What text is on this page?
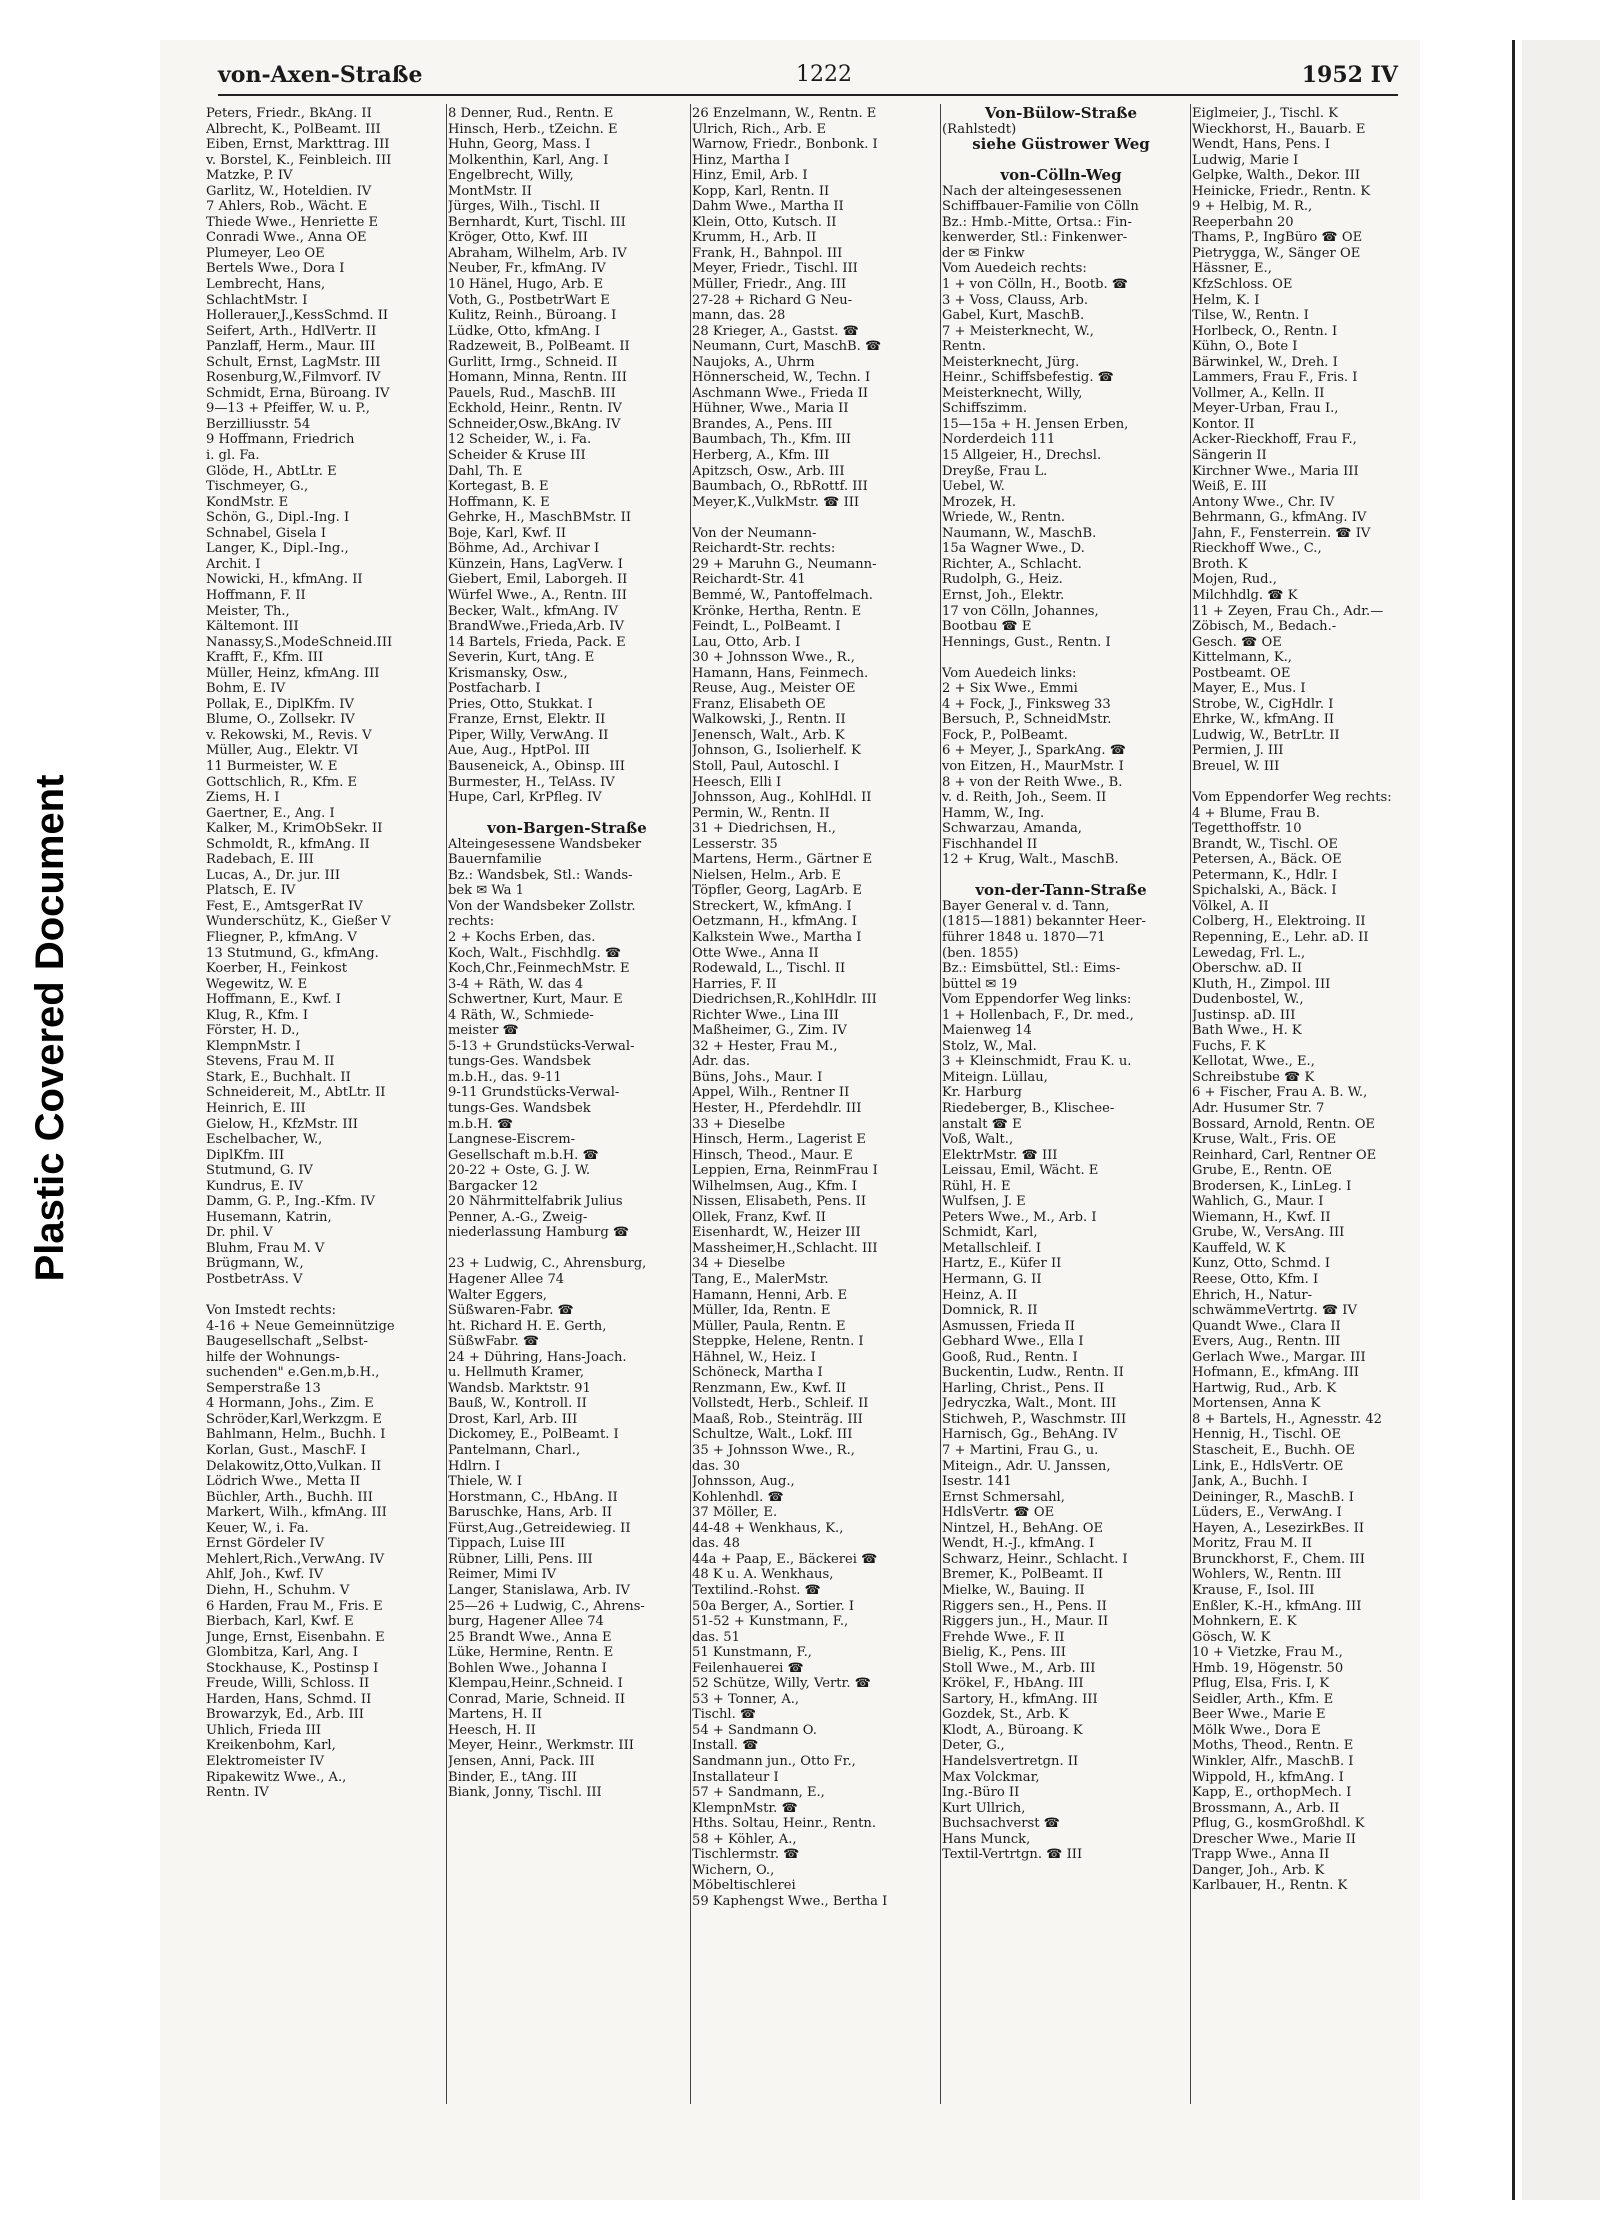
Plastic Covered Document
von-Axen-Straße	1222	1952 IV
Peters, Friedr., BkAng. II
Albrecht, K., PolBeamt. III
Eiben, Ernst, Markttrag. III
v. Borstel, K., Feinbleich. III
Matzke, P. IV
Garlitz, W., Hoteldien. IV
7 Ahlers, Rob., Wächt. E
Thiede Wwe., Henriette E
Conradi Wwe., Anna OE
Plumeyer, Leo OE
Bertels Wwe., Dora I
Lembrecht, Hans,
SchlachtMstr. I
Hollerauer,J.,KessSchmd. II
Seifert, Arth., HdlVertr. II
Panzlaff, Herm., Maur. III
Schult, Ernst, LagMstr. III
Rosenburg,W.,Filmvorf. IV
Schmidt, Erna, Büroang. IV
9—13 + Pfeiffer, W. u. P.,
Berzilliusstr. 54
9 Hoffmann, Friedrich
i. gl. Fa.
Glöde, H., AbtLtr. E
Tischmeyer, G.,
KondMstr. E
Schön, G., Dipl.-Ing. I
Schnabel, Gisela I
Langer, K., Dipl.-Ing.,
Archit. I
Nowicki, H., kfmAng. II
Hoffmann, F. II
Meister, Th.,
Kältemont. III
Nanassy,S.,ModeSchneid.III
Krafft, F., Kfm. III
Müller, Heinz, kfmAng. III
Bohm, E. IV
Pollak, E., DiplKfm. IV
Blume, O., Zollsekr. IV
v. Rekowski, M., Revis. V
Müller, Aug., Elektr. VI
11 Burmeister, W. E
Gottschlich, R., Kfm. E
Ziems, H. I
Gaertner, E., Ang. I
Kalker, M., KrimObSekr. II
Schmoldt, R., kfmAng. II
Radebach, E. III
Lucas, A., Dr. jur. III
Platsch, E. IV
Fest, E., AmtsgerRat IV
Wunderschütz, K., Gießer V
Fliegner, P., kfmAng. V
13 Stutmund, G., kfmAng.
Koerber, H., Feinkost
Wegewitz, W. E
Hoffmann, E., Kwf. I
Klug, R., Kfm. I
Förster, H. D.,
KlempnMstr. I
Stevens, Frau M. II
Stark, E., Buchhalt. II
Schneidereit, M., AbtLtr. II
Heinrich, E. III
Gielow, H., KfzMstr. III
Eschelbacher, W.,
DiplKfm. III
Stutmund, G. IV
Kundrus, E. IV
Damm, G. P., Ing.-Kfm. IV
Husemann, Katrin,
Dr. phil. V
Bluhm, Frau M. V
Brügmann, W.,
PostbetrAss. V
Von Imstedt rechts:
4-16 + Neue Gemeinnützige
Baugesellschaft „Selbst-
hilfe der Wohnungs-
suchenden" e.Gen.m,b.H.,
Semperstraße 13
4 Hormann, Johs., Zim. E
Schröder,Karl,Werkzgm. E
Bahlmann, Helm., Buchh. I
Korlan, Gust., MaschF. I
Delakowitz,Otto,Vulkan. II
Lödrich Wwe., Metta II
Büchler, Arth., Buchh. III
Markert, Wilh., kfmAng. III
Keuer, W., i. Fa.
Ernst Gördeler IV
Mehlert,Rich.,VerwAng. IV
Ahlf, Joh., Kwf. IV
Diehn, H., Schuhm. V
6 Harden, Frau M., Fris. E
Bierbach, Karl, Kwf. E
Junge, Ernst, Eisenbahn. E
Glombitza, Karl, Ang. I
Stockhause, K., Postinsp I
Freude, Willi, Schloss. II
Harden, Hans, Schmd. II
Browarzyk, Ed., Arb. III
Uhlich, Frieda III
Kreikenbohm, Karl,
Elektromeister IV
Ripakewitz Wwe., A.,
Rentn. IV
8 Denner, Rud., Rentn. E
Hinsch, Herb., tZeichn. E
Huhn, Georg, Mass. I
Molkenthin, Karl, Ang. I
Engelbrecht, Willy,
MontMstr. II
Jürges, Wilh., Tischl. II
Bernhardt, Kurt, Tischl. III
Kröger, Otto, Kwf. III
Abraham, Wilhelm, Arb. IV
Neuber, Fr., kfmAng. IV
10 Hänel, Hugo, Arb. E
Voth, G., PostbetrWart E
Kulitz, Reinh., Büroang. I
Lüdke, Otto, kfmAng. I
Radzeweit, B., PolBeamt. II
Gurlitt, Irmg., Schneid. II
Homann, Minna, Rentn. III
Pauels, Rud., MaschB. III
Eckhold, Heinr., Rentn. IV
Schneider,Osw.,BkAng. IV
12 Scheider, W., i. Fa.
Scheider & Kruse III
Dahl, Th. E
Kortegast, B. E
Hoffmann, K. E
Gehrke, H., MaschBMstr. II
Boje, Karl, Kwf. II
Böhme, Ad., Archivar I
Künzein, Hans, LagVerw. I
Giebert, Emil, Laborgeh. II
Würfel Wwe., A., Rentn. III
Becker, Walt., kfmAng. IV
BrandWwe.,Frieda,Arb. IV
14 Bartels, Frieda, Pack. E
Severin, Kurt, tAng. E
Krismansky, Osw.,
Postfacharb. I
Pries, Otto, Stukkat. I
Franze, Ernst, Elektr. II
Piper, Willy, VerwAng. II
Aue, Aug., HptPol. III
Bauseneick, A., Obinsp. III
Burmester, H., TelAss. IV
Hupe, Carl, KrPfleg. IV
von-Bargen-Straße
Alteingesessene Wandsbeker
Bauernfamilie
Bz.: Wandsbek, Stl.: Wands-
bek ✉ Wa 1
Von der Wandsbeker Zollstr.
rechts:
2 + Kochs Erben, das.
Koch, Walt., Fischhdlg. ☎
Koch,Chr.,FeinmechMstr. E
3-4 + Räth, W. das 4
Schwertner, Kurt, Maur. E
4 Räth, W., Schmiede-
meister ☎
5-13 + Grundstücks-Verwal-
tungs-Ges. Wandsbek
m.b.H., das. 9-11
9-11 Grundstücks-Verwal-
tungs-Ges. Wandsbek
m.b.H. ☎
Langnese-Eiscrem-
Gesellschaft m.b.H. ☎
20-22 + Oste, G. J. W.
Bargacker 12
20 Nährmittelfabrik Julius
Penner, A.-G., Zweig-
niederlassung Hamburg ☎
23 + Ludwig, C., Ahrensburg,
Hagener Allee 74
Walter Eggers,
Süßwaren-Fabr. ☎
ht. Richard H. E. Gerth,
SüßwFabr. ☎
24 + Dühring, Hans-Joach.
u. Hellmuth Kramer,
Wandsb. Marktstr. 91
Bauß, W., Kontroll. II
Drost, Karl, Arb. III
Dickomey, E., PolBeamt. I
Pantelmann, Charl.,
Hdlrn. I
Thiele, W. I
Horstmann, C., HbAng. II
Baruschke, Hans, Arb. II
Fürst,Aug.,Getreidewieg. II
Tippach, Luise III
Rübner, Lilli, Pens. III
Reimer, Mimi IV
Langer, Stanislawa, Arb. IV
25—26 + Ludwig, C., Ahrens-
burg, Hagener Allee 74
25 Brandt Wwe., Anna E
Lüke, Hermine, Rentn. E
Bohlen Wwe., Johanna I
Klempau,Heinr.,Schneid. I
Conrad, Marie, Schneid. II
Martens, H. II
Heesch, H. II
Meyer, Heinr., Werkmstr. III
Jensen, Anni, Pack. III
Binder, E., tAng. III
Biank, Jonny, Tischl. III
26 Enzelmann, W., Rentn. E
Ulrich, Rich., Arb. E
Warnow, Friedr., Bonbonk. I
Hinz, Martha I
Hinz, Emil, Arb. I
Kopp, Karl, Rentn. II
Dahm Wwe., Martha II
Klein, Otto, Kutsch. II
Krumm, H., Arb. II
Frank, H., Bahnpol. III
Meyer, Friedr., Tischl. III
Müller, Friedr., Ang. III
27-28 + Richard G Neu-
mann, das. 28
28 Krieger, A., Gastst. ☎
Neumann, Curt, MaschB. ☎
Naujoks, A., Uhrm
Hönnerscheid, W., Techn. I
Aschmann Wwe., Frieda II
Hühner, Wwe., Maria II
Brandes, A., Pens. III
Baumbach, Th., Kfm. III
Herberg, A., Kfm. III
Apitzsch, Osw., Arb. III
Baumbach, O., RbRottf. III
Meyer,K.,VulkMstr. ☎ III
Von der Neumann-
Reichardt-Str. rechts:
29 + Maruhn G., Neumann-
Reichardt-Str. 41
Bemmé, W., Pantoffelmach.
Krönke, Hertha, Rentn. E
Feindt, L., PolBeamt. I
Lau, Otto, Arb. I
30 + Johnsson Wwe., R.,
Hamann, Hans, Feinmech.
Reuse, Aug., Meister OE
Franz, Elisabeth OE
Walkowski, J., Rentn. II
Jenensch, Walt., Arb. K
Johnson, G., Isolierhelf. K
Stoll, Paul, Autoschl. I
Heesch, Elli I
Johnsson, Aug., KohlHdl. II
Permin, W., Rentn. II
31 + Diedrichsen, H.,
Lesserstr. 35
Martens, Herm., Gärtner E
Nielsen, Helm., Arb. E
Töpfler, Georg, LagArb. E
Streckert, W., kfmAng. I
Oetzmann, H., kfmAng. I
Kalkstein Wwe., Martha I
Otte Wwe., Anna II
Rodewald, L., Tischl. II
Harries, F. II
Diedrichsen,R.,KohlHdlr. III
Richter Wwe., Lina III
Maßheimer, G., Zim. IV
32 + Hester, Frau M.,
Adr. das.
Büns, Johs., Maur. I
Appel, Wilh., Rentner II
Hester, H., Pferdehdlr. III
33 + Dieselbe
Hinsch, Herm., Lagerist E
Hinsch, Theod., Maur. E
Leppien, Erna, ReinmFrau I
Wilhelmsen, Aug., Kfm. I
Nissen, Elisabeth, Pens. II
Ollek, Franz, Kwf. II
Eisenhardt, W., Heizer III
Massheimer,H.,Schlacht. III
34 + Dieselbe
Tang, E., MalerMstr.
Hamann, Henni, Arb. E
Müller, Ida, Rentn. E
Müller, Paula, Rentn. E
Steppke, Helene, Rentn. I
Hähnel, W., Heiz. I
Schöneck, Martha I
Renzmann, Ew., Kwf. II
Vollstedt, Herb., Schleif. II
Maaß, Rob., Steinträg. III
Schultze, Walt., Lokf. III
35 + Johnsson Wwe., R.,
das. 30
Johnsson, Aug.,
Kohlenhdl. ☎
37 Möller, E.
44-48 + Wenkhaus, K.,
das. 48
44a + Paap, E., Bäckerei ☎
48 K u. A. Wenkhaus,
Textilind.-Rohst. ☎
50a Berger, A., Sortier. I
51-52 + Kunstmann, F.,
das. 51
51 Kunstmann, F.,
Feilenhauerei ☎
52 Schütze, Willy, Vertr. ☎
53 + Tonner, A.,
Tischl. ☎
54 + Sandmann O.
Install. ☎
Sandmann jun., Otto Fr.,
Installateur I
57 + Sandmann, E.,
KlempnMstr. ☎
Hths. Soltau, Heinr., Rentn.
58 + Köhler, A.,
Tischlermstr. ☎
Wichern, O.,
Möbeltischlerei
59 Kaphengst Wwe., Bertha I
Von-Bülow-Straße
(Rahlstedt)
siehe Güstrower Weg
von-Cölln-Weg
Nach der alteingesessenen
Schiffbauer-Familie von Cölln
Bz.: Hmb.-Mitte, Ortsa.: Fin-
kenwerder, Stl.: Finkenwer-
der ✉ Finkw
Vom Auedeich rechts:
1 + von Cölln, H., Bootb. ☎
3 + Voss, Clauss, Arb.
Gabel, Kurt, MaschB.
7 + Meisterknecht, W.,
Rentn.
Meisterknecht, Jürg.
Heinr., Schiffsbefestig. ☎
Meisterknecht, Willy,
Schiffszimm.
15—15a + H. Jensen Erben,
Norderdeich 111
15 Allgeier, H., Drechsl.
Dreyße, Frau L.
Uebel, W.
Mrozek, H.
Wriede, W., Rentn.
Naumann, W., MaschB.
15a Wagner Wwe., D.
Richter, A., Schlacht.
Rudolph, G., Heiz.
Ernst, Joh., Elektr.
17 von Cölln, Johannes,
Bootbau ☎ E
Hennings, Gust., Rentn. I
Vom Auedeich links:
2 + Six Wwe., Emmi
4 + Fock, J., Finksweg 33
Bersuch, P., SchneidMstr.
Fock, P., PolBeamt.
6 + Meyer, J., SparkAng. ☎
von Eitzen, H., MaurMstr. I
8 + von der Reith Wwe., B.
v. d. Reith, Joh., Seem. II
Hamm, W., Ing.
Schwarzau, Amanda,
Fischhandel II
12 + Krug, Walt., MaschB.
von-der-Tann-Straße
Bayer General v. d. Tann,
(1815—1881) bekannter Heer-
führer 1848 u. 1870—71
(ben. 1855)
Bz.: Eimsbüttel, Stl.: Eims-
büttel ✉ 19
Vom Eppendorfer Weg links:
1 + Hollenbach, F., Dr. med.,
Maienweg 14
Stolz, W., Mal.
3 + Kleinschmidt, Frau K. u.
Miteign. Lüllau,
Kr. Harburg
Riedeberger, B., Klischee-
anstalt ☎ E
Voß, Walt.,
ElektrMstr. ☎ III
Leissau, Emil, Wächt. E
Rühl, H. E
Wulfsen, J. E
Peters Wwe., M., Arb. I
Schmidt, Karl,
Metallschleif. I
Hartz, E., Küfer II
Hermann, G. II
Heinz, A. II
Domnick, R. II
Asmussen, Frieda II
Gebhard Wwe., Ella I
Gooß, Rud., Rentn. I
Buckentin, Ludw., Rentn. II
Harling, Christ., Pens. II
Jedryczka, Walt., Mont. III
Stichweh, P., Waschmstr. III
Harnisch, Gg., BehAng. IV
7 + Martini, Frau G., u.
Miteign., Adr. U. Janssen,
Isestr. 141
Ernst Schmersahl,
HdlsVertr. ☎ OE
Nintzel, H., BehAng. OE
Wendt, H.-J., kfmAng. I
Schwarz, Heinr., Schlacht. I
Bremer, K., PolBeamt. II
Mielke, W., Bauing. II
Riggers sen., H., Pens. II
Riggers jun., H., Maur. II
Frehde Wwe., F. II
Bielig, K., Pens. III
Stoll Wwe., M., Arb. III
Krökel, F., HbAng. III
Sartory, H., kfmAng. III
Gozdek, St., Arb. K
Klodt, A., Büroang. K
Deter, G.,
Handelsvertretgn. II
Max Volckmar,
Ing.-Büro II
Kurt Ullrich,
Buchsachverst ☎
Hans Munck,
Textil-Vertrtgn. ☎ III
Eiglmeier, J., Tischl. K
Wieckhorst, H., Bauarb. E
Wendt, Hans, Pens. I
Ludwig, Marie I
Gelpke, Walth., Dekor. III
Heinicke, Friedr., Rentn. K
9 + Helbig, M. R.,
Reeperbahn 20
Thams, P., IngBüro ☎ OE
Pietrygga, W., Sänger OE
Hässner, E.,
KfzSchloss. OE
Helm, K. I
Tilse, W., Rentn. I
Horlbeck, O., Rentn. I
Kühn, O., Bote I
Bärwinkel, W., Dreh. I
Lammers, Frau F., Fris. I
Vollmer, A., Kelln. II
Meyer-Urban, Frau I.,
Kontor. II
Acker-Rieckhoff, Frau F.,
Sängerin II
Kirchner Wwe., Maria III
Weiß, E. III
Antony Wwe., Chr. IV
Behrmann, G., kfmAng. IV
Jahn, F., Fensterrein. ☎ IV
Rieckhoff Wwe., C.,
Broth. K
Mojen, Rud.,
Milchhdlg. ☎ K
11 + Zeyen, Frau Ch., Adr.—
Zöbisch, M., Bedach.-
Gesch. ☎ OE
Kittelmann, K.,
Postbeamt. OE
Mayer, E., Mus. I
Strobe, W., CigHdlr. I
Ehrke, W., kfmAng. II
Ludwig, W., BetrLtr. II
Permien, J. III
Breuel, W. III
Vom Eppendorfer Weg rechts:
4 + Blume, Frau B.
Tegetthoffstr. 10
Brandt, W., Tischl. OE
Petersen, A., Bäck. OE
Petermann, K., Hdlr. I
Spichalski, A., Bäck. I
Völkel, A. II
Colberg, H., Elektroing. II
Repenning, E., Lehr. aD. II
Lewedag, Frl. L.,
Oberschw. aD. II
Kluth, H., Zimpol. III
Dudenbostel, W.,
Justinsp. aD. III
Bath Wwe., H. K
Fuchs, F. K
Kellotat, Wwe., E.,
Schreibstube ☎ K
6 + Fischer, Frau A. B. W.,
Adr. Husumer Str. 7
Bossard, Arnold, Rentn. OE
Kruse, Walt., Fris. OE
Reinhard, Carl, Rentner OE
Grube, E., Rentn. OE
Brodersen, K., LinLeg. I
Wahlich, G., Maur. I
Wiemann, H., Kwf. II
Grube, W., VersAng. III
Kauffeld, W. K
Kunz, Otto, Schmd. I
Reese, Otto, Kfm. I
Ehrich, H., Natur-
schwämmeVertrtg. ☎ IV
Quandt Wwe., Clara II
Evers, Aug., Rentn. III
Gerlach Wwe., Margar. III
Hofmann, E., kfmAng. III
Hartwig, Rud., Arb. K
Mortensen, Anna K
8 + Bartels, H., Agnesstr. 42
Hennig, H., Tischl. OE
Stascheit, E., Buchh. OE
Link, E., HdlsVertr. OE
Jank, A., Buchh. I
Deininger, R., MaschB. I
Lüders, E., VerwAng. I
Hayen, A., LesezirkBes. II
Moritz, Frau M. II
Brunckhorst, F., Chem. III
Wohlers, W., Rentn. III
Krause, F., Isol. III
Enßler, K.-H., kfmAng. III
Mohnkern, E. K
Gösch, W. K
10 + Vietzke, Frau M.,
Hmb. 19, Högenstr. 50
Pflug, Elsa, Fris. I, K
Seidler, Arth., Kfm. E
Beer Wwe., Marie E
Mölk Wwe., Dora E
Moths, Theod., Rentn. E
Winkler, Alfr., MaschB. I
Wippold, H., kfmAng. I
Kapp, E., orthopMech. I
Brossmann, A., Arb. II
Pflug, G., kosmGroßhdl. K
Drescher Wwe., Marie II
Trapp Wwe., Anna II
Danger, Joh., Arb. K
Karlbauer, H., Rentn. K
